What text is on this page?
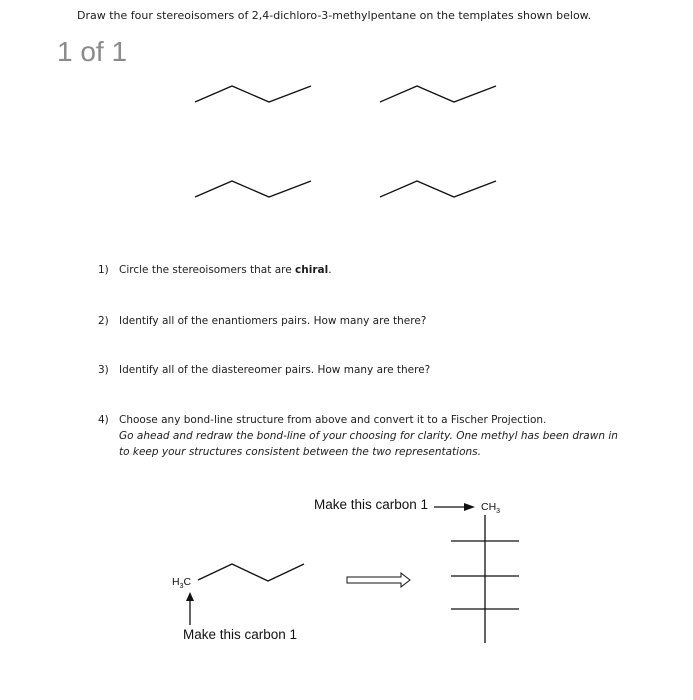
Draw the four stereoisomers of 2,4-dichloro-3-methylpentane on the templates shown below.
1 of 1
1) Circle the stereoisomers that are chiral.
2) Identify all of the enantiomers pairs. How many are there?
3) Identify all of the diastereomer pairs. How many are there?
4) Choose any bond-line structure from above and convert it to a Fischer Projection.
Go ahead and redraw the bond-line of your choosing for clarity. One methyl has been drawn in
to keep your structures consistent between the two representations.
Make this carbon 1	$CH_3$
$H_3C$
Make this carbon 1
